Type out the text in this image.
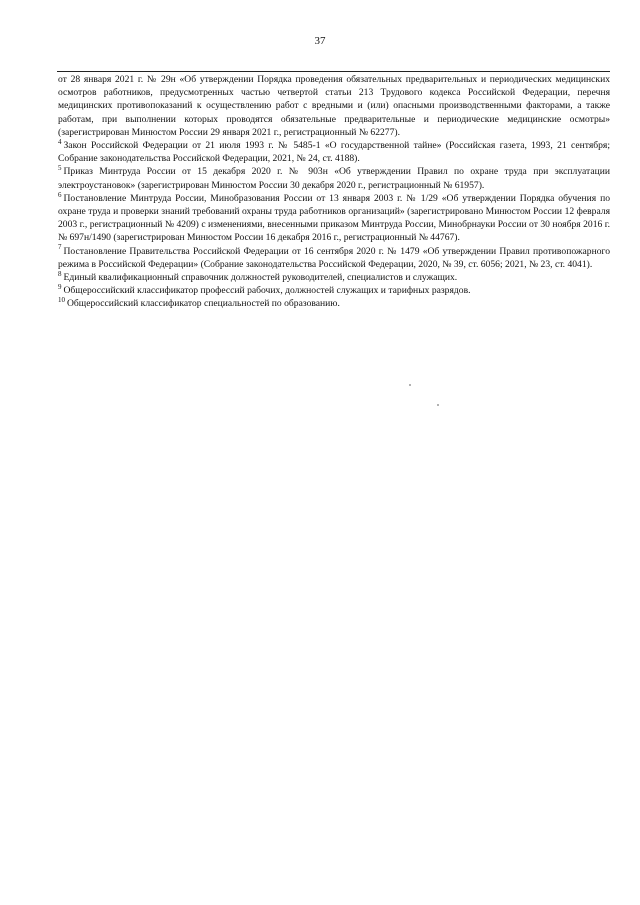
37

от 28 января 2021 г. № 29н «Об утверждении Порядка проведения обязательных предварительных и периодических медицинских осмотров работников, предусмотренных частью четвертой статьи 213 Трудового кодекса Российской Федерации, перечня медицинских противопоказаний к осуществлению работ с вредными и (или) опасными производственными факторами, а также работам, при выполнении которых проводятся обязательные предварительные и периодические медицинские осмотры» (зарегистрирован Минюстом России 29 января 2021 г., регистрационный № 62277).

$^4$ Закон Российской Федерации от 21 июля 1993 г. № 5485-1 «О государственной тайне» (Российская газета, 1993, 21 сентября; Собрание законодательства Российской Федерации, 2021, № 24, ст. 4188).

$^5$ Приказ Минтруда России от 15 декабря 2020 г. № 903н «Об утверждении Правил по охране труда при эксплуатации электроустановок» (зарегистрирован Минюстом России 30 декабря 2020 г., регистрационный № 61957).

$^6$ Постановление Минтруда России, Минобразования России от 13 января 2003 г. № 1/29 «Об утверждении Порядка обучения по охране труда и проверки знаний требований охраны труда работников организаций» (зарегистрировано Минюстом России 12 февраля 2003 г., регистрационный № 4209) с изменениями, внесенными приказом Минтруда России, Минобрнауки России от 30 ноября 2016 г. № 697н/1490 (зарегистрирован Минюстом России 16 декабря 2016 г., регистрационный № 44767).

$^7$ Постановление Правительства Российской Федерации от 16 сентября 2020 г. № 1479 «Об утверждении Правил противопожарного режима в Российской Федерации» (Собрание законодательства Российской Федерации, 2020, № 39, ст. 6056; 2021, № 23, ст. 4041).

$^8$ Единый квалификационный справочник должностей руководителей, специалистов и служащих.

$^9$ Общероссийский классификатор профессий рабочих, должностей служащих и тарифных разрядов.

$^{10}$ Общероссийский классификатор специальностей по образованию.
